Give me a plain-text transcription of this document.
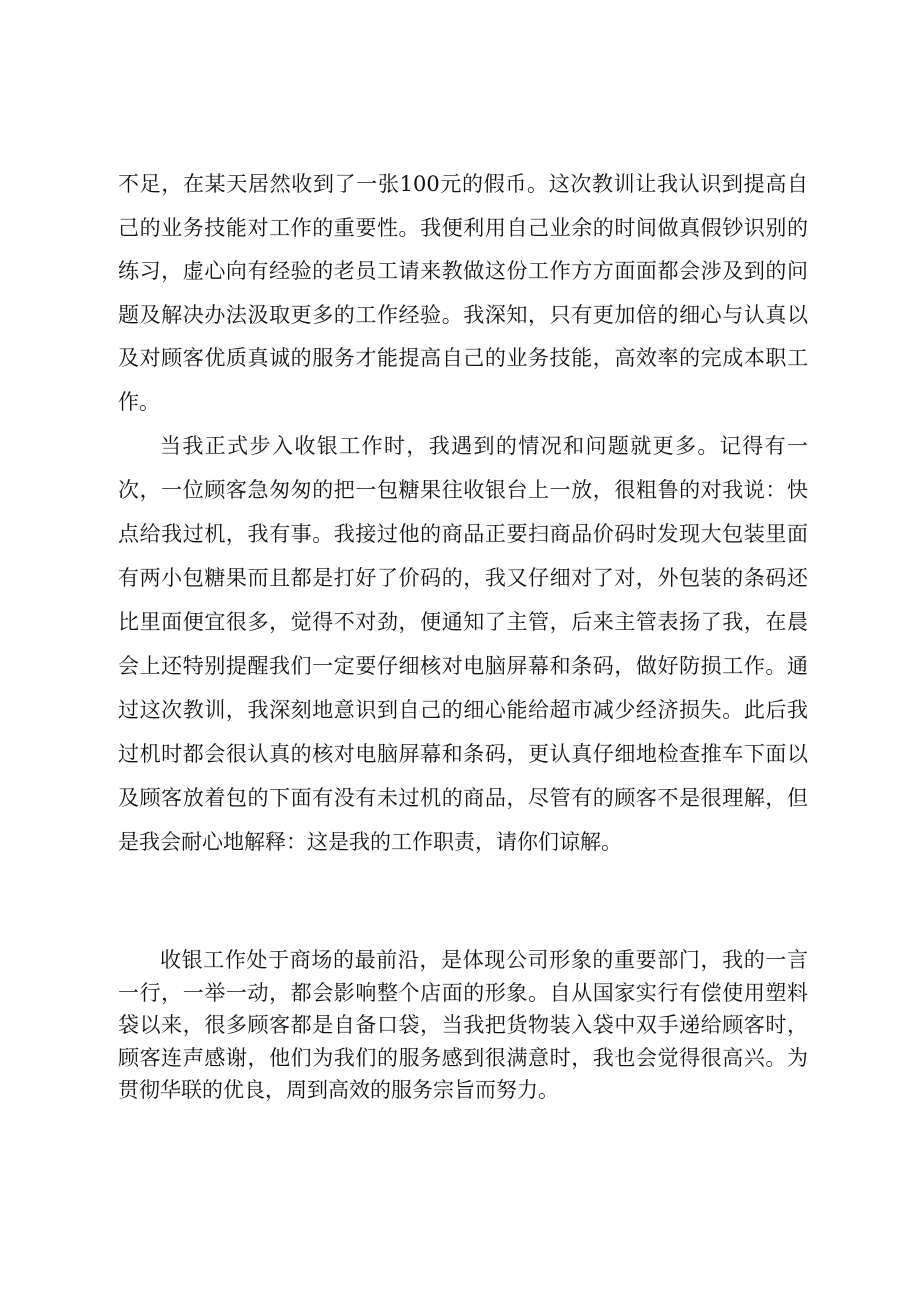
不足，在某天居然收到了一张100元的假币。这次教训让我认识到提高自己的业务技能对工作的重要性。我便利用自己业余的时间做真假钞识别的练习，虚心向有经验的老员工请来教做这份工作方方面面都会涉及到的问题及解决办法汲取更多的工作经验。我深知，只有更加倍的细心与认真以及对顾客优质真诚的服务才能提高自己的业务技能，高效率的完成本职工作。

当我正式步入收银工作时，我遇到的情况和问题就更多。记得有一次，一位顾客急匆匆的把一包糖果往收银台上一放，很粗鲁的对我说：快点给我过机，我有事。我接过他的商品正要扫商品价码时发现大包装里面有两小包糖果而且都是打好了价码的，我又仔细对了对，外包装的条码还比里面便宜很多，觉得不对劲，便通知了主管，后来主管表扬了我，在晨会上还特别提醒我们一定要仔细核对电脑屏幕和条码，做好防损工作。通过这次教训，我深刻地意识到自己的细心能给超市减少经济损失。此后我过机时都会很认真的核对电脑屏幕和条码，更认真仔细地检查推车下面以及顾客放着包的下面有没有未过机的商品，尽管有的顾客不是很理解，但是我会耐心地解释：这是我的工作职责，请你们谅解。

收银工作处于商场的最前沿，是体现公司形象的重要部门，我的一言一行，一举一动，都会影响整个店面的形象。自从国家实行有偿使用塑料袋以来，很多顾客都是自备口袋，当我把货物装入袋中双手递给顾客时，顾客连声感谢，他们为我们的服务感到很满意时，我也会觉得很高兴。为贯彻华联的优良，周到高效的服务宗旨而努力。
